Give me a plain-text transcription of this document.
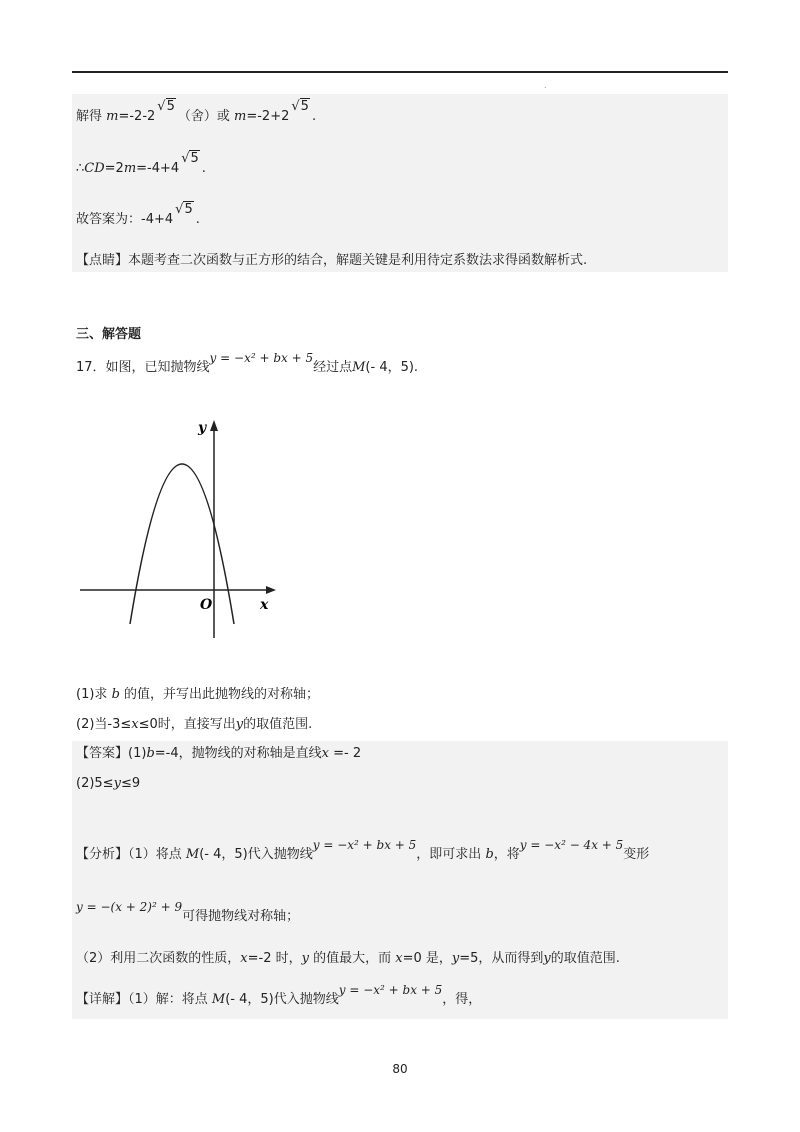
.
解得 m=-2-2√5（舍）或 m=-2+2√5.
∴CD=2m=-4+4√5.
故答案为：-4+4√5.
【点睛】本题考查二次函数与正方形的结合，解题关键是利用待定系数法求得函数解析式.
三、解答题
17．如图，已知抛物线y = −x² + bx + 5经过点M(- 4，5).
y
x
O
(1)求 b 的值，并写出此抛物线的对称轴；
(2)当-3≤x≤0时，直接写出y的取值范围.
【答案】(1)b=-4，抛物线的对称轴是直线x =- 2
(2)5≤y≤9
【分析】（1）将点 M(- 4，5)代入抛物线y = −x² + bx + 5，即可求出 b，将y = −x² − 4x + 5变形
y = −(x + 2)² + 9可得抛物线对称轴；
（2）利用二次函数的性质，x=-2 时，y 的值最大，而 x=0 是，y=5，从而得到y的取值范围.
【详解】（1）解：将点 M(- 4，5)代入抛物线y = −x² + bx + 5，得，
80
